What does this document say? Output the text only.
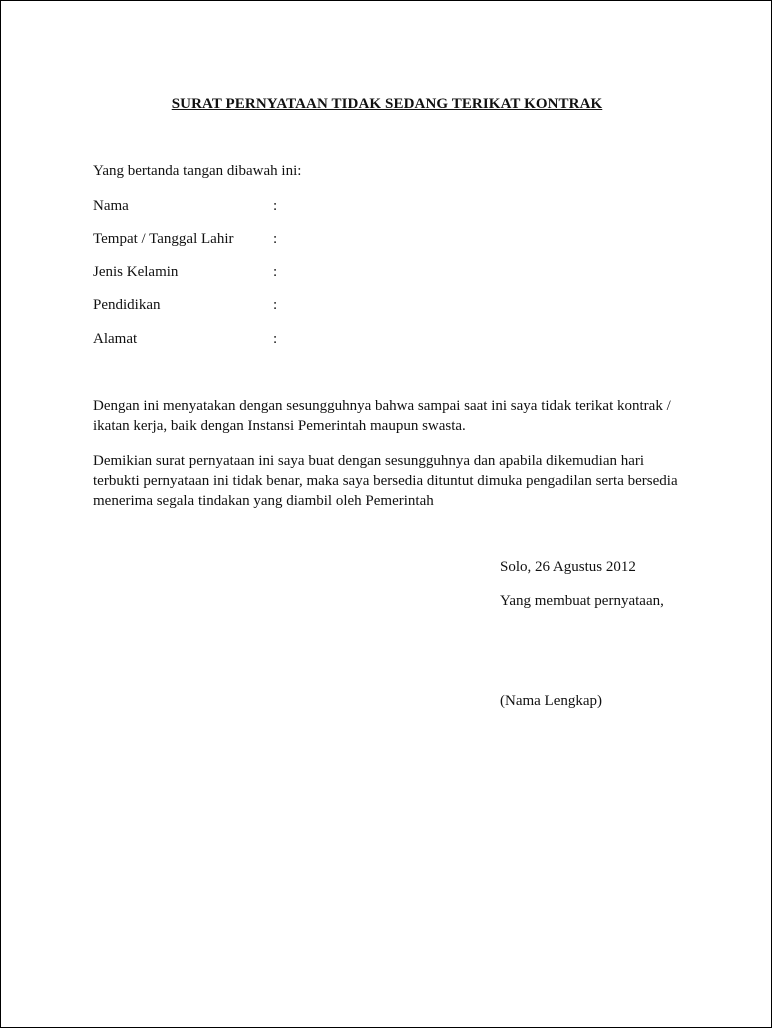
SURAT PERNYATAAN TIDAK SEDANG TERIKAT KONTRAK
Yang bertanda tangan dibawah ini:
Nama	:
Tempat / Tanggal Lahir	:
Jenis Kelamin	:
Pendidikan	:
Alamat	:
Dengan ini menyatakan dengan sesungguhnya bahwa sampai saat ini saya tidak terikat kontrak /
ikatan kerja, baik dengan Instansi Pemerintah maupun swasta.
Demikian surat pernyataan ini saya buat dengan sesungguhnya dan apabila dikemudian hari
terbukti pernyataan ini tidak benar, maka saya bersedia dituntut dimuka pengadilan serta bersedia
menerima segala tindakan yang diambil oleh Pemerintah
Solo, 26 Agustus 2012
Yang membuat pernyataan,
(Nama Lengkap)
